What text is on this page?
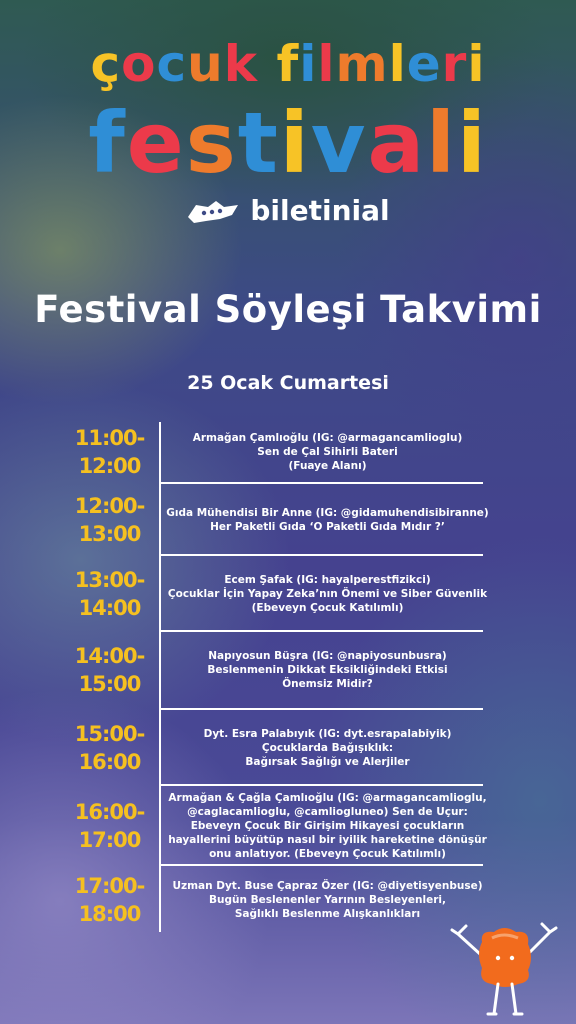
çocuk filmleri
festivali
biletinial
Festival Söyleşi Takvimi
25 Ocak Cumartesi
11:00-
12:00
Armağan Çamlıoğlu (IG: @armagancamlioglu)
Sen de Çal Sihirli Bateri
(Fuaye Alanı)
12:00-
13:00
Gıda Mühendisi Bir Anne (IG: @gidamuhendisibiranne)
Her Paketli Gıda ‘O Paketli Gıda Mıdır ?’
13:00-
14:00
Ecem Şafak (IG: hayalperestfizikci)
Çocuklar İçin Yapay Zeka’nın Önemi ve Siber Güvenlik
(Ebeveyn Çocuk Katılımlı)
14:00-
15:00
Napıyosun Büşra (IG: @napiyosunbusra)
Beslenmenin Dikkat Eksikliğindeki Etkisi
Önemsiz Midir?
15:00-
16:00
Dyt. Esra Palabıyık (IG: dyt.esrapalabiyik)
Çocuklarda Bağışıklık:
Bağırsak Sağlığı ve Alerjiler
16:00-
17:00
Armağan & Çağla Çamlıoğlu (IG: @armagancamlioglu,
@caglacamlioglu, @camliogluneo) Sen de Uçur:
Ebeveyn Çocuk Bir Girişim Hikayesi çocukların
hayallerini büyütüp nasıl bir iyilik hareketine dönüşür
onu anlatıyor. (Ebeveyn Çocuk Katılımlı)
17:00-
18:00
Uzman Dyt. Buse Çapraz Özer (IG: @diyetisyenbuse)
Bugün Beslenenler Yarının Besleyenleri,
Sağlıklı Beslenme Alışkanlıkları
